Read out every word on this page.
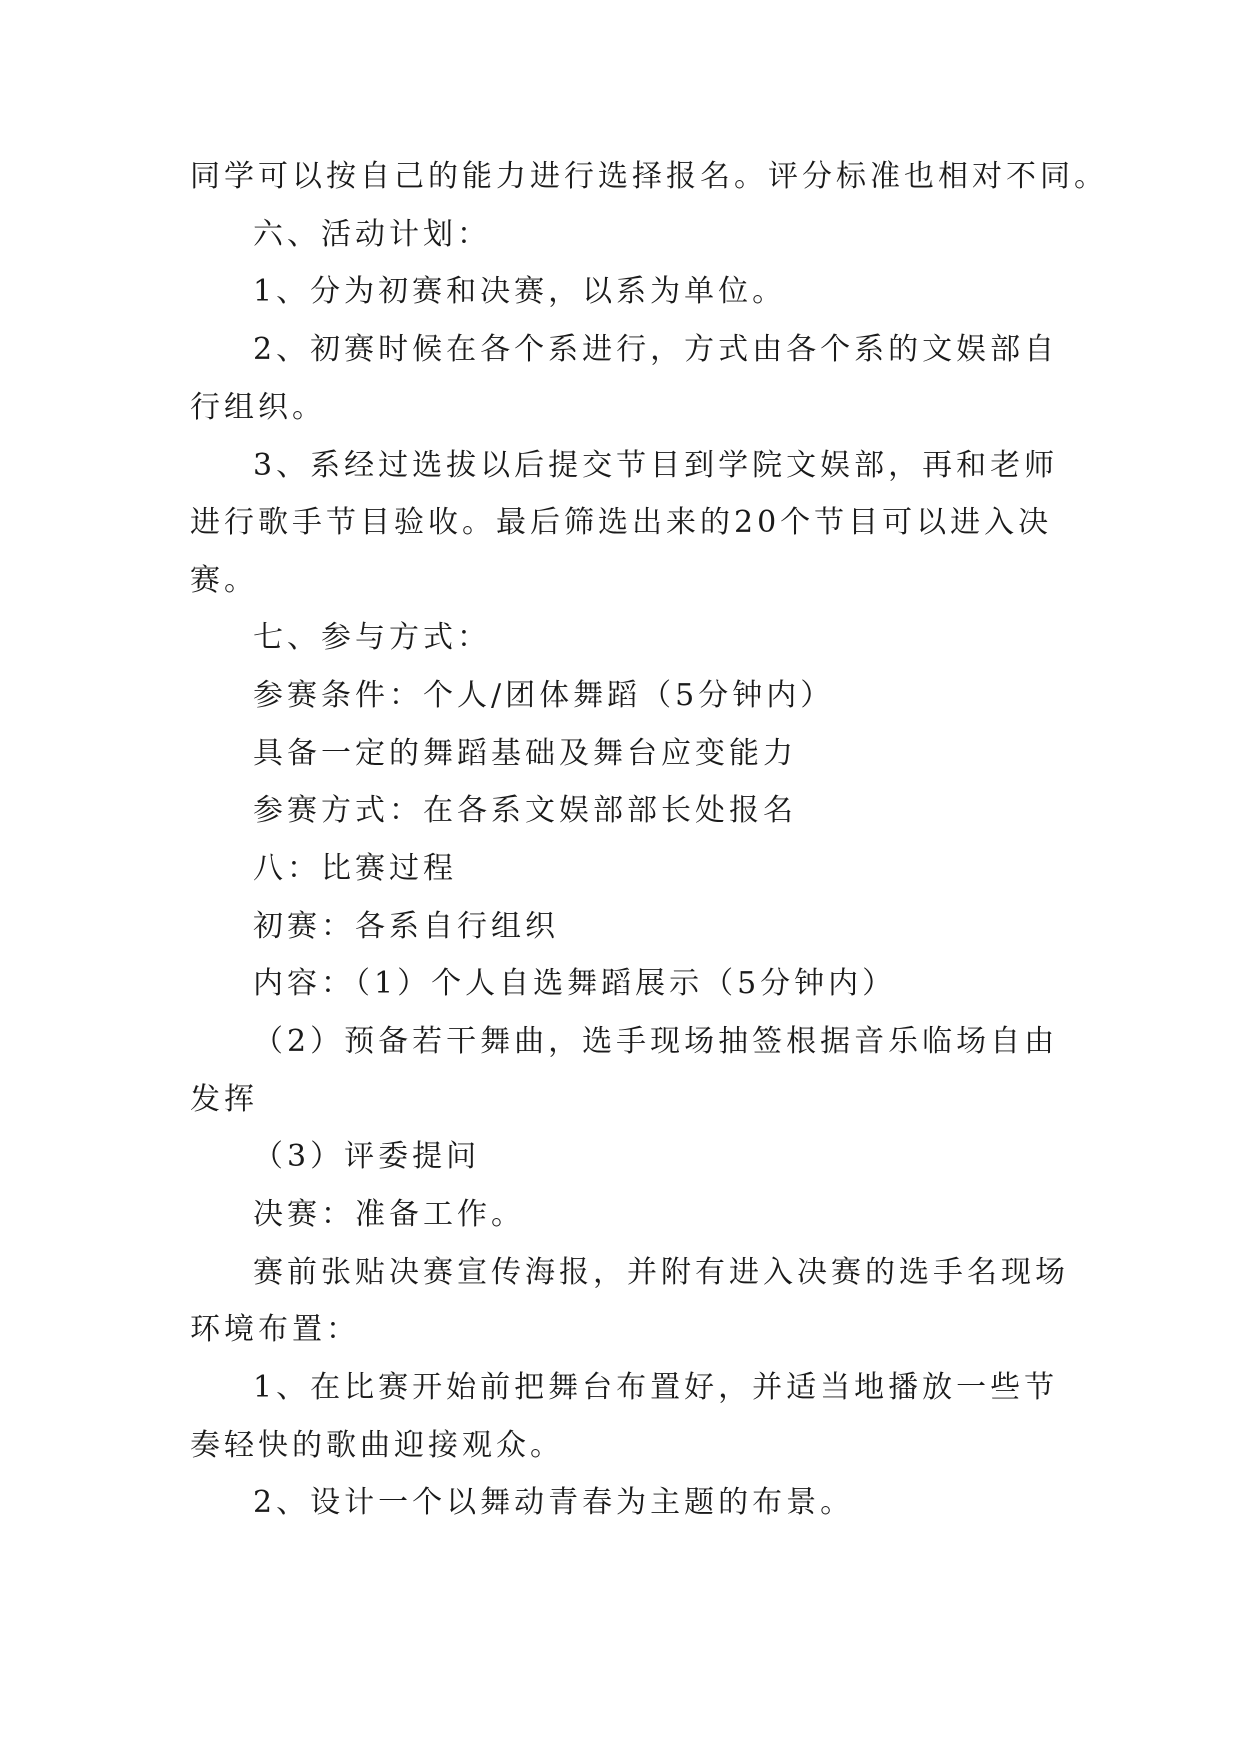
同学可以按自己的能力进行选择报名。评分标准也相对不同。

六、活动计划：

1、分为初赛和决赛，以系为单位。

2、初赛时候在各个系进行，方式由各个系的文娱部自

行组织。

3、系经过选拔以后提交节目到学院文娱部，再和老师

进行歌手节目验收。最后筛选出来的20个节目可以进入决

赛。

七、参与方式：

参赛条件：个人/团体舞蹈（5分钟内）

具备一定的舞蹈基础及舞台应变能力

参赛方式：在各系文娱部部长处报名

八：比赛过程

初赛：各系自行组织

内容：（1）个人自选舞蹈展示（5分钟内）

（2）预备若干舞曲，选手现场抽签根据音乐临场自由

发挥

（3）评委提问

决赛：准备工作。

赛前张贴决赛宣传海报，并附有进入决赛的选手名现场

环境布置：

1、在比赛开始前把舞台布置好，并适当地播放一些节

奏轻快的歌曲迎接观众。

2、设计一个以舞动青春为主题的布景。
